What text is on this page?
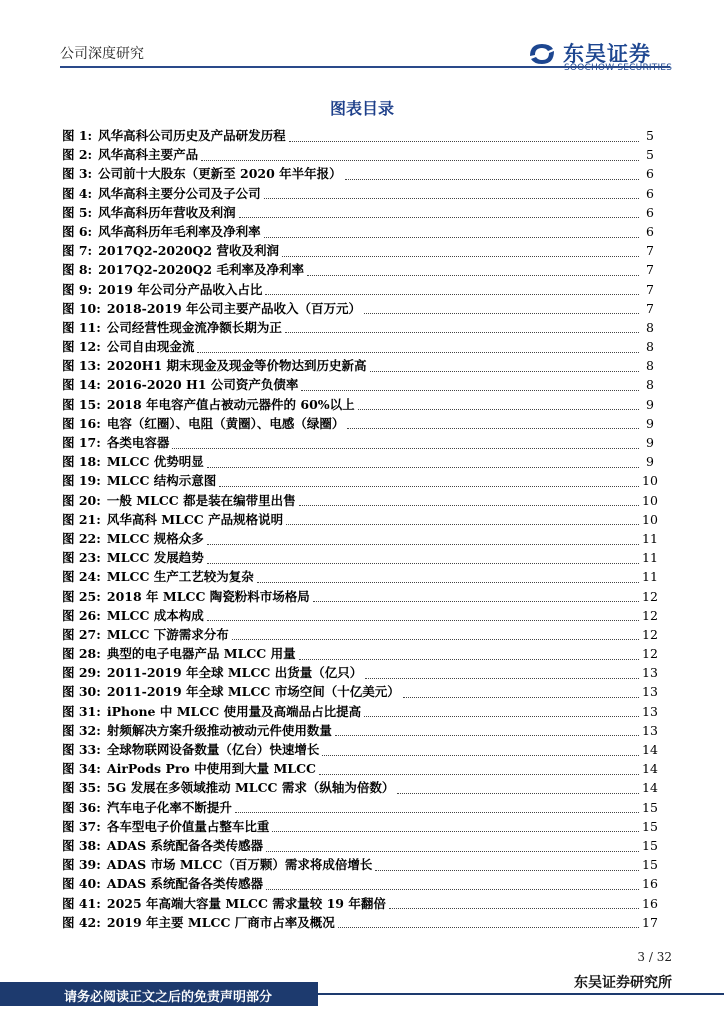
公司深度研究	东吴证券
SOOCHOW SECURITIES
图表目录
图 1: 风华高科公司历史及产品研发历程	5
图 2: 风华高科主要产品	5
图 3: 公司前十大股东（更新至 2020 年半年报）	6
图 4: 风华高科主要分公司及子公司	6
图 5: 风华高科历年营收及利润	6
图 6: 风华高科历年毛利率及净利率	6
图 7: 2017Q2-2020Q2 营收及利润	7
图 8: 2017Q2-2020Q2 毛利率及净利率	7
图 9: 2019 年公司分产品收入占比	7
图 10: 2018-2019 年公司主要产品收入（百万元）	7
图 11: 公司经营性现金流净额长期为正	8
图 12: 公司自由现金流	8
图 13: 2020H1 期末现金及现金等价物达到历史新高	8
图 14: 2016-2020 H1 公司资产负债率	8
图 15: 2018 年电容产值占被动元器件的 60%以上	9
图 16: 电容（红圈）、电阻（黄圈）、电感（绿圈）	9
图 17: 各类电容器	9
图 18: MLCC 优势明显	9
图 19: MLCC 结构示意图	10
图 20: 一般 MLCC 都是装在编带里出售	10
图 21: 风华高科 MLCC 产品规格说明	10
图 22: MLCC 规格众多	11
图 23: MLCC 发展趋势	11
图 24: MLCC 生产工艺较为复杂	11
图 25: 2018 年 MLCC 陶瓷粉料市场格局	12
图 26: MLCC 成本构成	12
图 27: MLCC 下游需求分布	12
图 28: 典型的电子电器产品 MLCC 用量	12
图 29: 2011-2019 年全球 MLCC 出货量（亿只）	13
图 30: 2011-2019 年全球 MLCC 市场空间（十亿美元）	13
图 31: iPhone 中 MLCC 使用量及高端品占比提高	13
图 32: 射频解决方案升级推动被动元件使用数量	13
图 33: 全球物联网设备数量（亿台）快速增长	14
图 34: AirPods Pro 中使用到大量 MLCC	14
图 35: 5G 发展在多领域推动 MLCC 需求（纵轴为倍数）	14
图 36: 汽车电子化率不断提升	15
图 37: 各车型电子价值量占整车比重	15
图 38: ADAS 系统配备各类传感器	15
图 39: ADAS 市场 MLCC（百万颗）需求将成倍增长	15
图 40: ADAS 系统配备各类传感器	16
图 41: 2025 年高端大容量 MLCC 需求量较 19 年翻倍	16
图 42: 2019 年主要 MLCC 厂商市占率及概况	17
3 / 32
请务必阅读正文之后的免责声明部分
东吴证券研究所
